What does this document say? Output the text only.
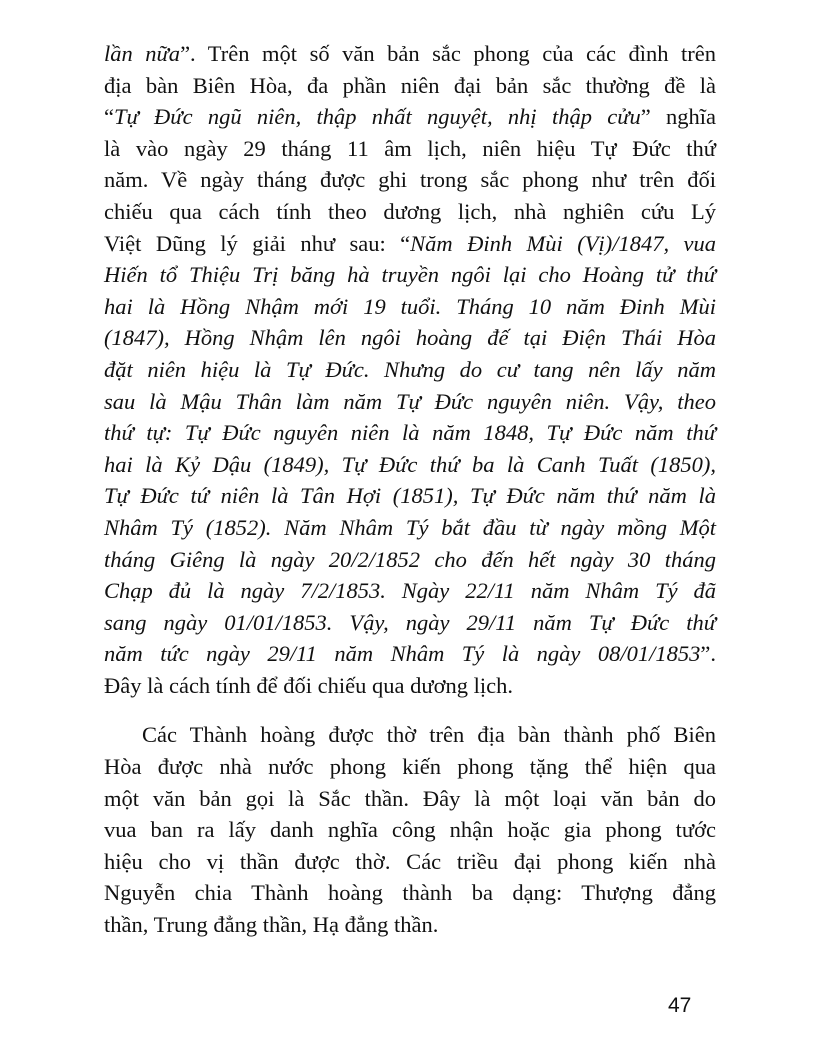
lần nữa”. Trên một số văn bản sắc phong của các đình trên
địa bàn Biên Hòa, đa phần niên đại bản sắc thường đề là
“Tự Đức ngũ niên, thập nhất nguyệt, nhị thập cửu” nghĩa
là vào ngày 29 tháng 11 âm lịch, niên hiệu Tự Đức thứ
năm. Về ngày tháng được ghi trong sắc phong như trên đối
chiếu qua cách tính theo dương lịch, nhà nghiên cứu Lý
Việt Dũng lý giải như sau: “Năm Đinh Mùi (Vị)/1847, vua
Hiến tổ Thiệu Trị băng hà truyền ngôi lại cho Hoàng tử thứ
hai là Hồng Nhậm mới 19 tuổi. Tháng 10 năm Đinh Mùi
(1847), Hồng Nhậm lên ngôi hoàng đế tại Điện Thái Hòa
đặt niên hiệu là Tự Đức. Nhưng do cư tang nên lấy năm
sau là Mậu Thân làm năm Tự Đức nguyên niên. Vậy, theo
thứ tự: Tự Đức nguyên niên là năm 1848, Tự Đức năm thứ
hai là Kỷ Dậu (1849), Tự Đức thứ ba là Canh Tuất (1850),
Tự Đức tứ niên là Tân Hợi (1851), Tự Đức năm thứ năm là
Nhâm Tý (1852). Năm Nhâm Tý bắt đầu từ ngày mồng Một
tháng Giêng là ngày 20/2/1852 cho đến hết ngày 30 tháng
Chạp đủ là ngày 7/2/1853. Ngày 22/11 năm Nhâm Tý đã
sang ngày 01/01/1853. Vậy, ngày 29/11 năm Tự Đức thứ
năm tức ngày 29/11 năm Nhâm Tý là ngày 08/01/1853”.
Đây là cách tính để đối chiếu qua dương lịch.
Các Thành hoàng được thờ trên địa bàn thành phố Biên
Hòa được nhà nước phong kiến phong tặng thể hiện qua
một văn bản gọi là Sắc thần. Đây là một loại văn bản do
vua ban ra lấy danh nghĩa công nhận hoặc gia phong tước
hiệu cho vị thần được thờ. Các triều đại phong kiến nhà
Nguyễn chia Thành hoàng thành ba dạng: Thượng đẳng
thần, Trung đẳng thần, Hạ đẳng thần.
47
